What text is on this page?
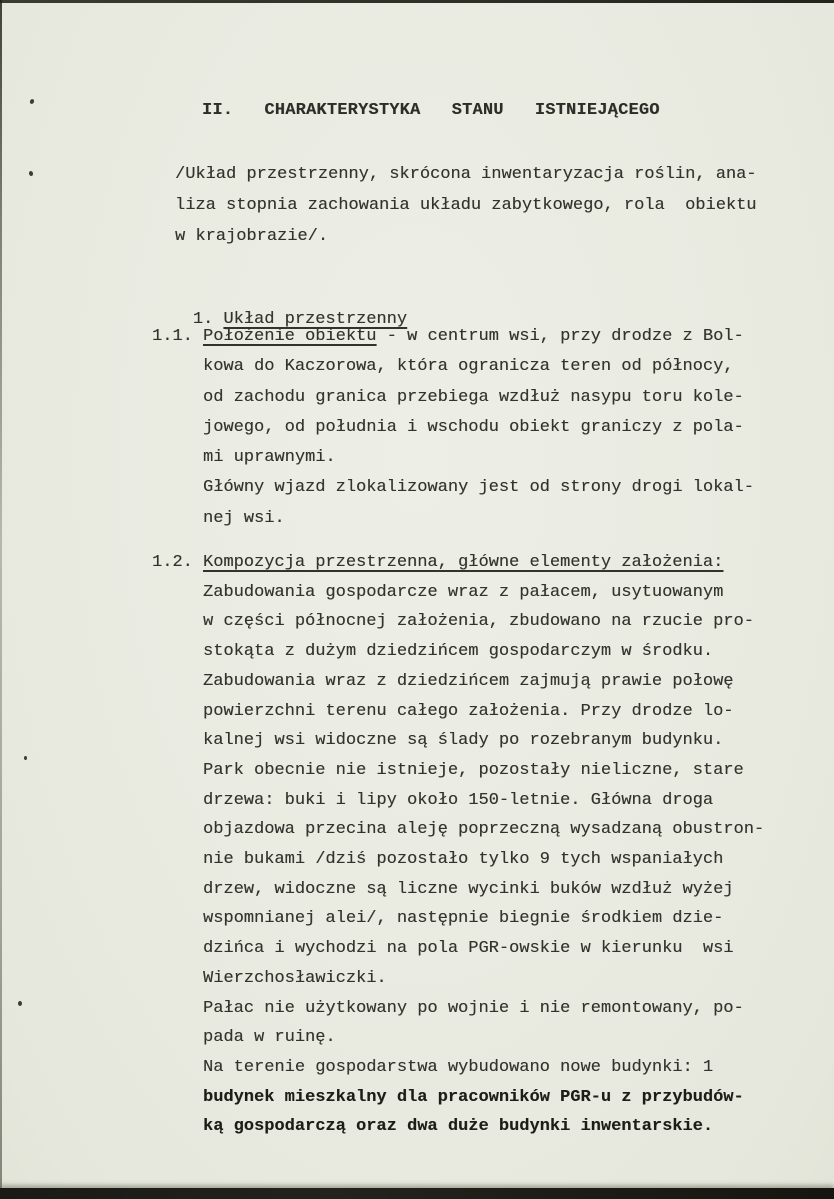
II.   CHARAKTERYSTYKA   STANU   ISTNIEJĄCEGO
/Układ przestrzenny, skrócona inwentaryzacja roślin, ana-
liza stopnia zachowania układu zabytkowego, rola  obiektu
w krajobrazie/.

1. Układ przestrzenny

1.1. Położenie obiektu - w centrum wsi, przy drodze z Bol-
kowa do Kaczorowa, która ogranicza teren od północy,
od zachodu granica przebiega wzdłuż nasypu toru kole-
jowego, od południa i wschodu obiekt graniczy z pola-
mi uprawnymi.
Główny wjazd zlokalizowany jest od strony drogi lokal-
nej wsi.
1.2. Kompozycja przestrzenna, główne elementy założenia:
Zabudowania gospodarcze wraz z pałacem, usytuowanym
w części północnej założenia, zbudowano na rzucie pro-
stokąta z dużym dziedzińcem gospodarczym w środku.
Zabudowania wraz z dziedzińcem zajmują prawie połowę
powierzchni terenu całego założenia. Przy drodze lo-
kalnej wsi widoczne są ślady po rozebranym budynku.
Park obecnie nie istnieje, pozostały nieliczne, stare
drzewa: buki i lipy około 150-letnie. Główna droga
objazdowa przecina aleję poprzeczną wysadzaną obustron-
nie bukami /dziś pozostało tylko 9 tych wspaniałych
drzew, widoczne są liczne wycinki buków wzdłuż wyżej
wspomnianej alei/, następnie biegnie środkiem dzie-
dzińca i wychodzi na pola PGR-owskie w kierunku  wsi
Wierzchosławiczki.
Pałac nie użytkowany po wojnie i nie remontowany, po-
pada w ruinę.
Na terenie gospodarstwa wybudowano nowe budynki: 1
budynek mieszkalny dla pracowników PGR-u z przybudów-
ką gospodarczą oraz dwa duże budynki inwentarskie.
